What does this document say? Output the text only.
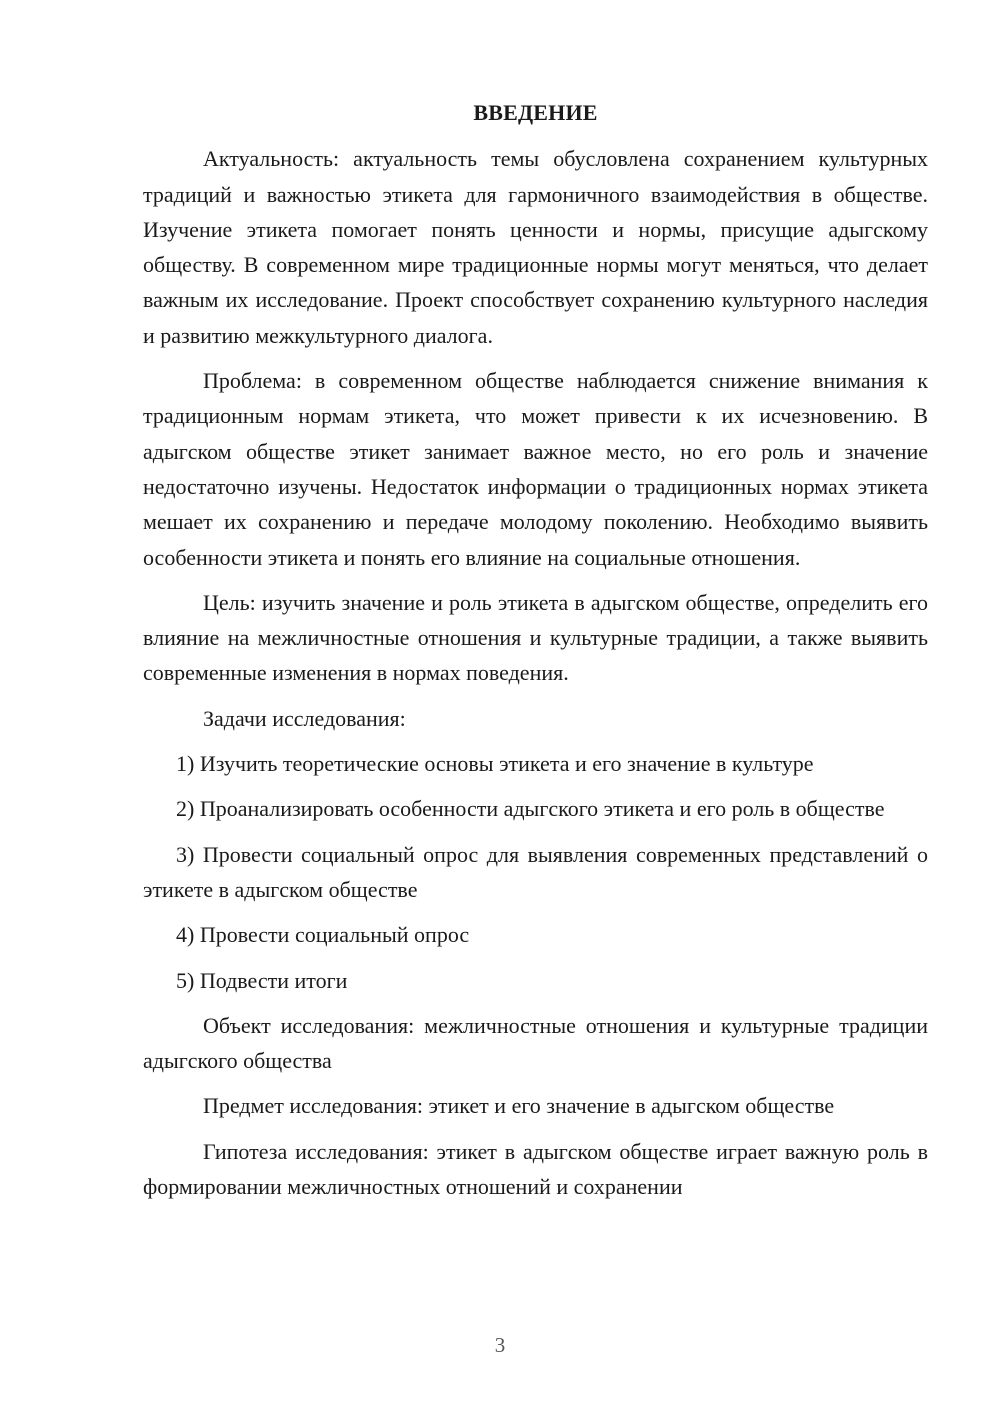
ВВЕДЕНИЕ

Актуальность: актуальность темы обусловлена сохранением культурных традиций и важностью этикета для гармоничного взаимодействия в обществе. Изучение этикета помогает понять ценности и нормы, присущие адыгскому обществу. В современном мире традиционные нормы могут меняться, что делает важным их исследование. Проект способствует сохранению культурного наследия и развитию межкультурного диалога.

Проблема: в современном обществе наблюдается снижение внимания к традиционным нормам этикета, что может привести к их исчезновению. В адыгском обществе этикет занимает важное место, но его роль и значение недостаточно изучены. Недостаток информации о традиционных нормах этикета мешает их сохранению и передаче молодому поколению. Необходимо выявить особенности этикета и понять его влияние на социальные отношения.

Цель: изучить значение и роль этикета в адыгском обществе, определить его влияние на межличностные отношения и культурные традиции, а также выявить современные изменения в нормах поведения.

Задачи исследования:

1) Изучить теоретические основы этикета и его значение в культуре

2) Проанализировать особенности адыгского этикета и его роль в обществе

3) Провести социальный опрос для выявления современных представлений о этикете в адыгском обществе

4) Провести социальный опрос

5) Подвести итоги

Объект исследования: межличностные отношения и культурные традиции адыгского общества

Предмет исследования: этикет и его значение в адыгском обществе

Гипотеза исследования: этикет в адыгском обществе играет важную роль в формировании межличностных отношений и сохранении

3
